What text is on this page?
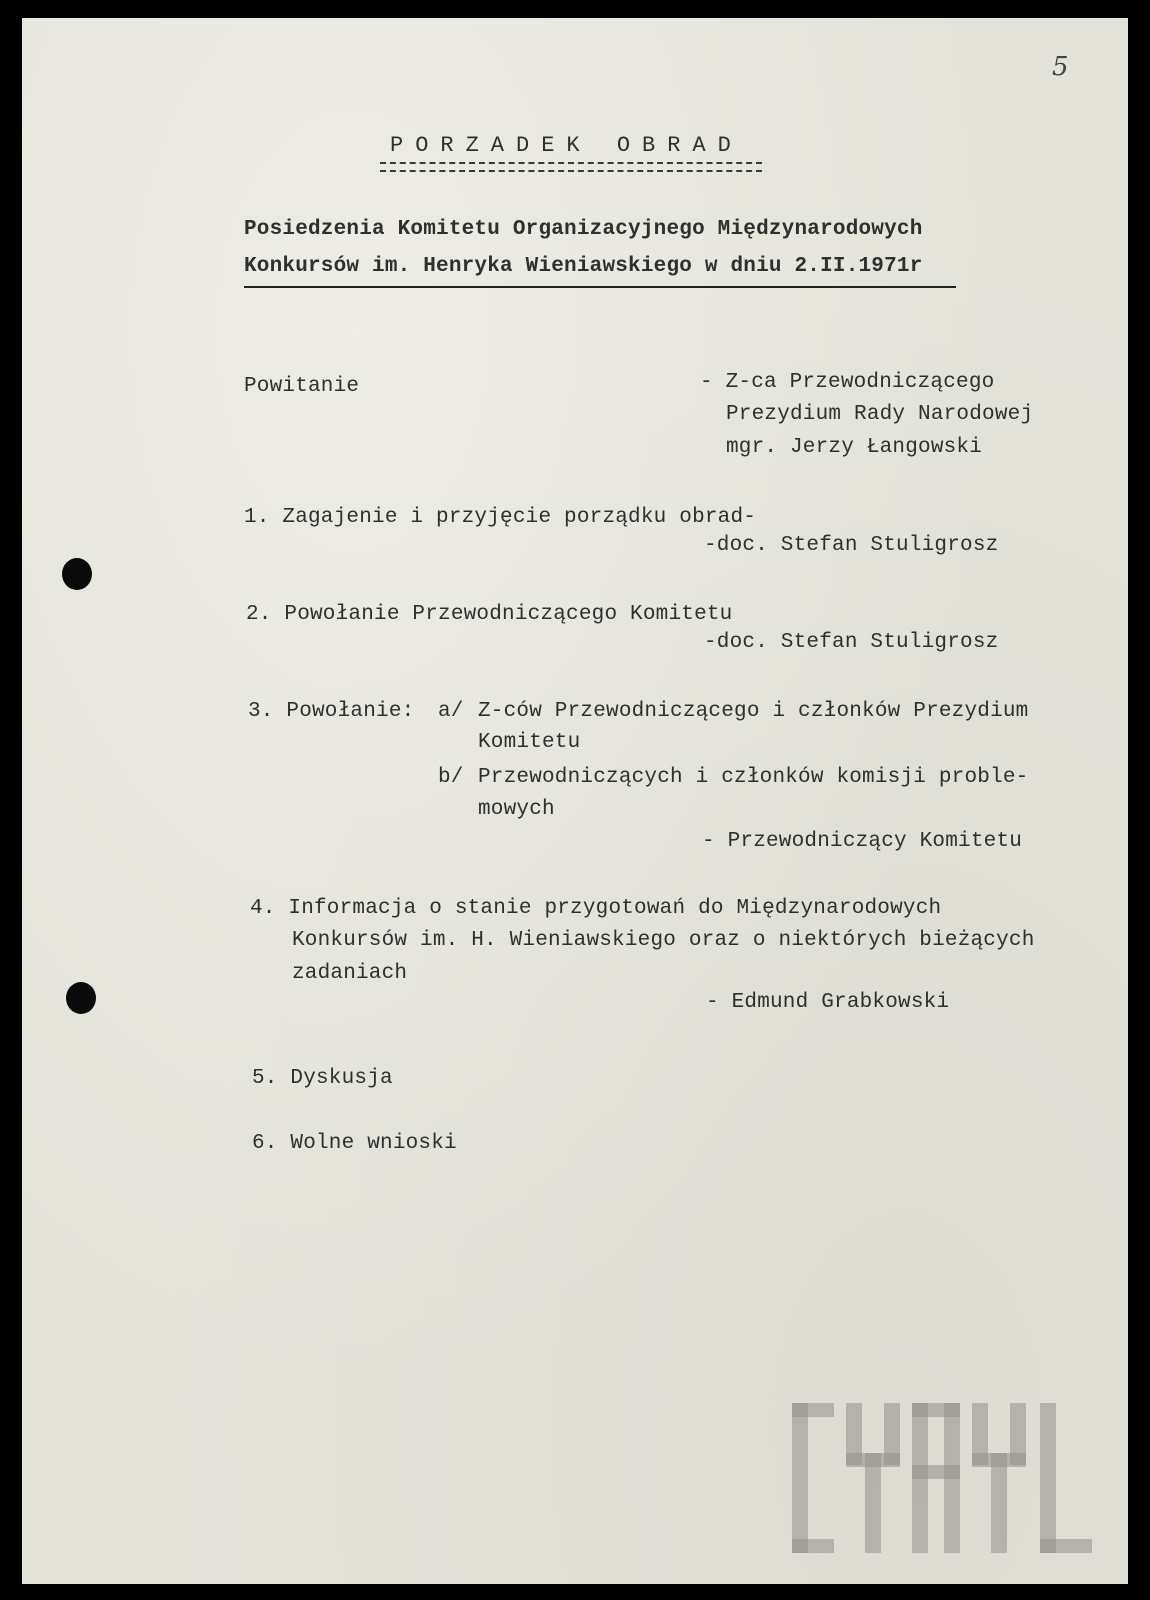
5
PORZADEK OBRAD
Posiedzenia Komitetu Organizacyjnego Międzynarodowych
Konkursów im. Henryka Wieniawskiego w dniu 2.II.1971r
Powitanie	- Z-ca Przewodniczącego
Prezydium Rady Narodowej
mgr. Jerzy Łangowski
1. Zagajenie i przyjęcie porządku obrad-
-doc. Stefan Stuligrosz
2. Powołanie Przewodniczącego Komitetu
-doc. Stefan Stuligrosz
3. Powołanie: a/ Z-ców Przewodniczącego i członków Prezydium
Komitetu
b/ Przewodniczących i członków komisji proble-
mowych
- Przewodniczący Komitetu
4. Informacja o stanie przygotowań do Międzynarodowych
Konkursów im. H. Wieniawskiego oraz o niektórych bieżących
zadaniach
- Edmund Grabkowski
5. Dyskusja
6. Wolne wnioski
